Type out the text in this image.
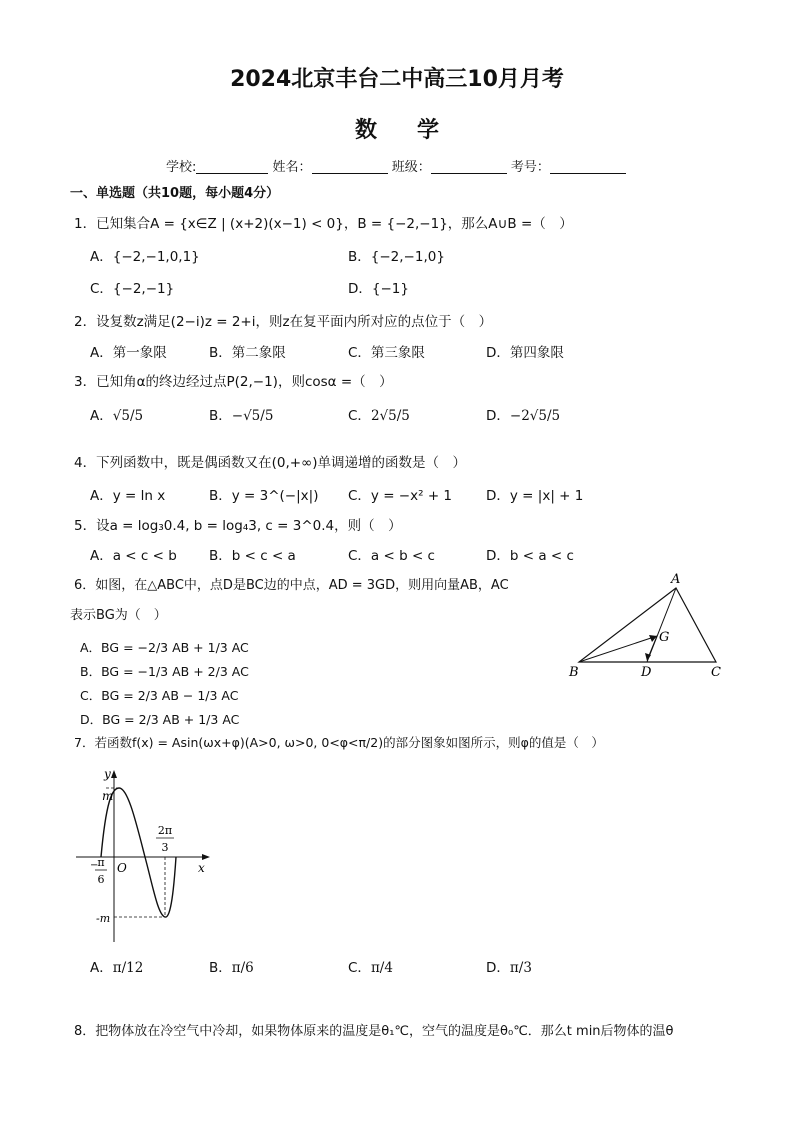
2024北京丰台二中高三10月月考
数学
学校:	姓名：	班级：	考号：
一、单选题（共10题，每小题4分）
1．已知集合A = {x∈Z | (x+2)(x−1) < 0}，B = {−2,−1}，那么A∪B =（　）
A．{−2,−1,0,1}	B．{−2,−1,0}
C．{−2,−1}	D．{−1}
2．设复数z满足(2−i)z = 2+i，则z在复平面内所对应的点位于（　）
A．第一象限	B．第二象限	C．第三象限	D．第四象限
3．已知角α的终边经过点P(2,−1)，则cosα =（　）
A．√5/5	B．−√5/5	C．2√5/5	D．−2√5/5
4．下列函数中，既是偶函数又在(0,+∞)单调递增的函数是（　）
A．y = ln x	B．y = 3^(−|x|) C．y = −x² + 1	D．y = |x| + 1
5．设a = log₃0.4, b = log₄3, c = 3^0.4，则（　）
A．a < c < b B．b < c < a	C．a < b < c	D．b < a < c
6．如图，在△ABC中，点D是BC边的中点，AD = 3GD，则用向量AB，AC
表示BG为（　）
A．BG = −2/3 AB + 1/3 AC
B．BG = −1/3 AB + 2/3 AC
C．BG = 2/3 AB − 1/3 AC
D．BG = 2/3 AB + 1/3 AC
A
B	C
D
G
7．若函数f(x) = Asin(ωx+φ)(A>0, ω>0, 0<φ<π/2)的部分图象如图所示，则φ的值是（　）
y
x
O
m
-m
−
π
6
2π
3
A．π/12	B．π/6	C．π/4	D．π/3
8．把物体放在冷空气中冷却，如果物体原来的温度是θ₁℃，空气的温度是θ₀℃．那么t min后物体的温θ
